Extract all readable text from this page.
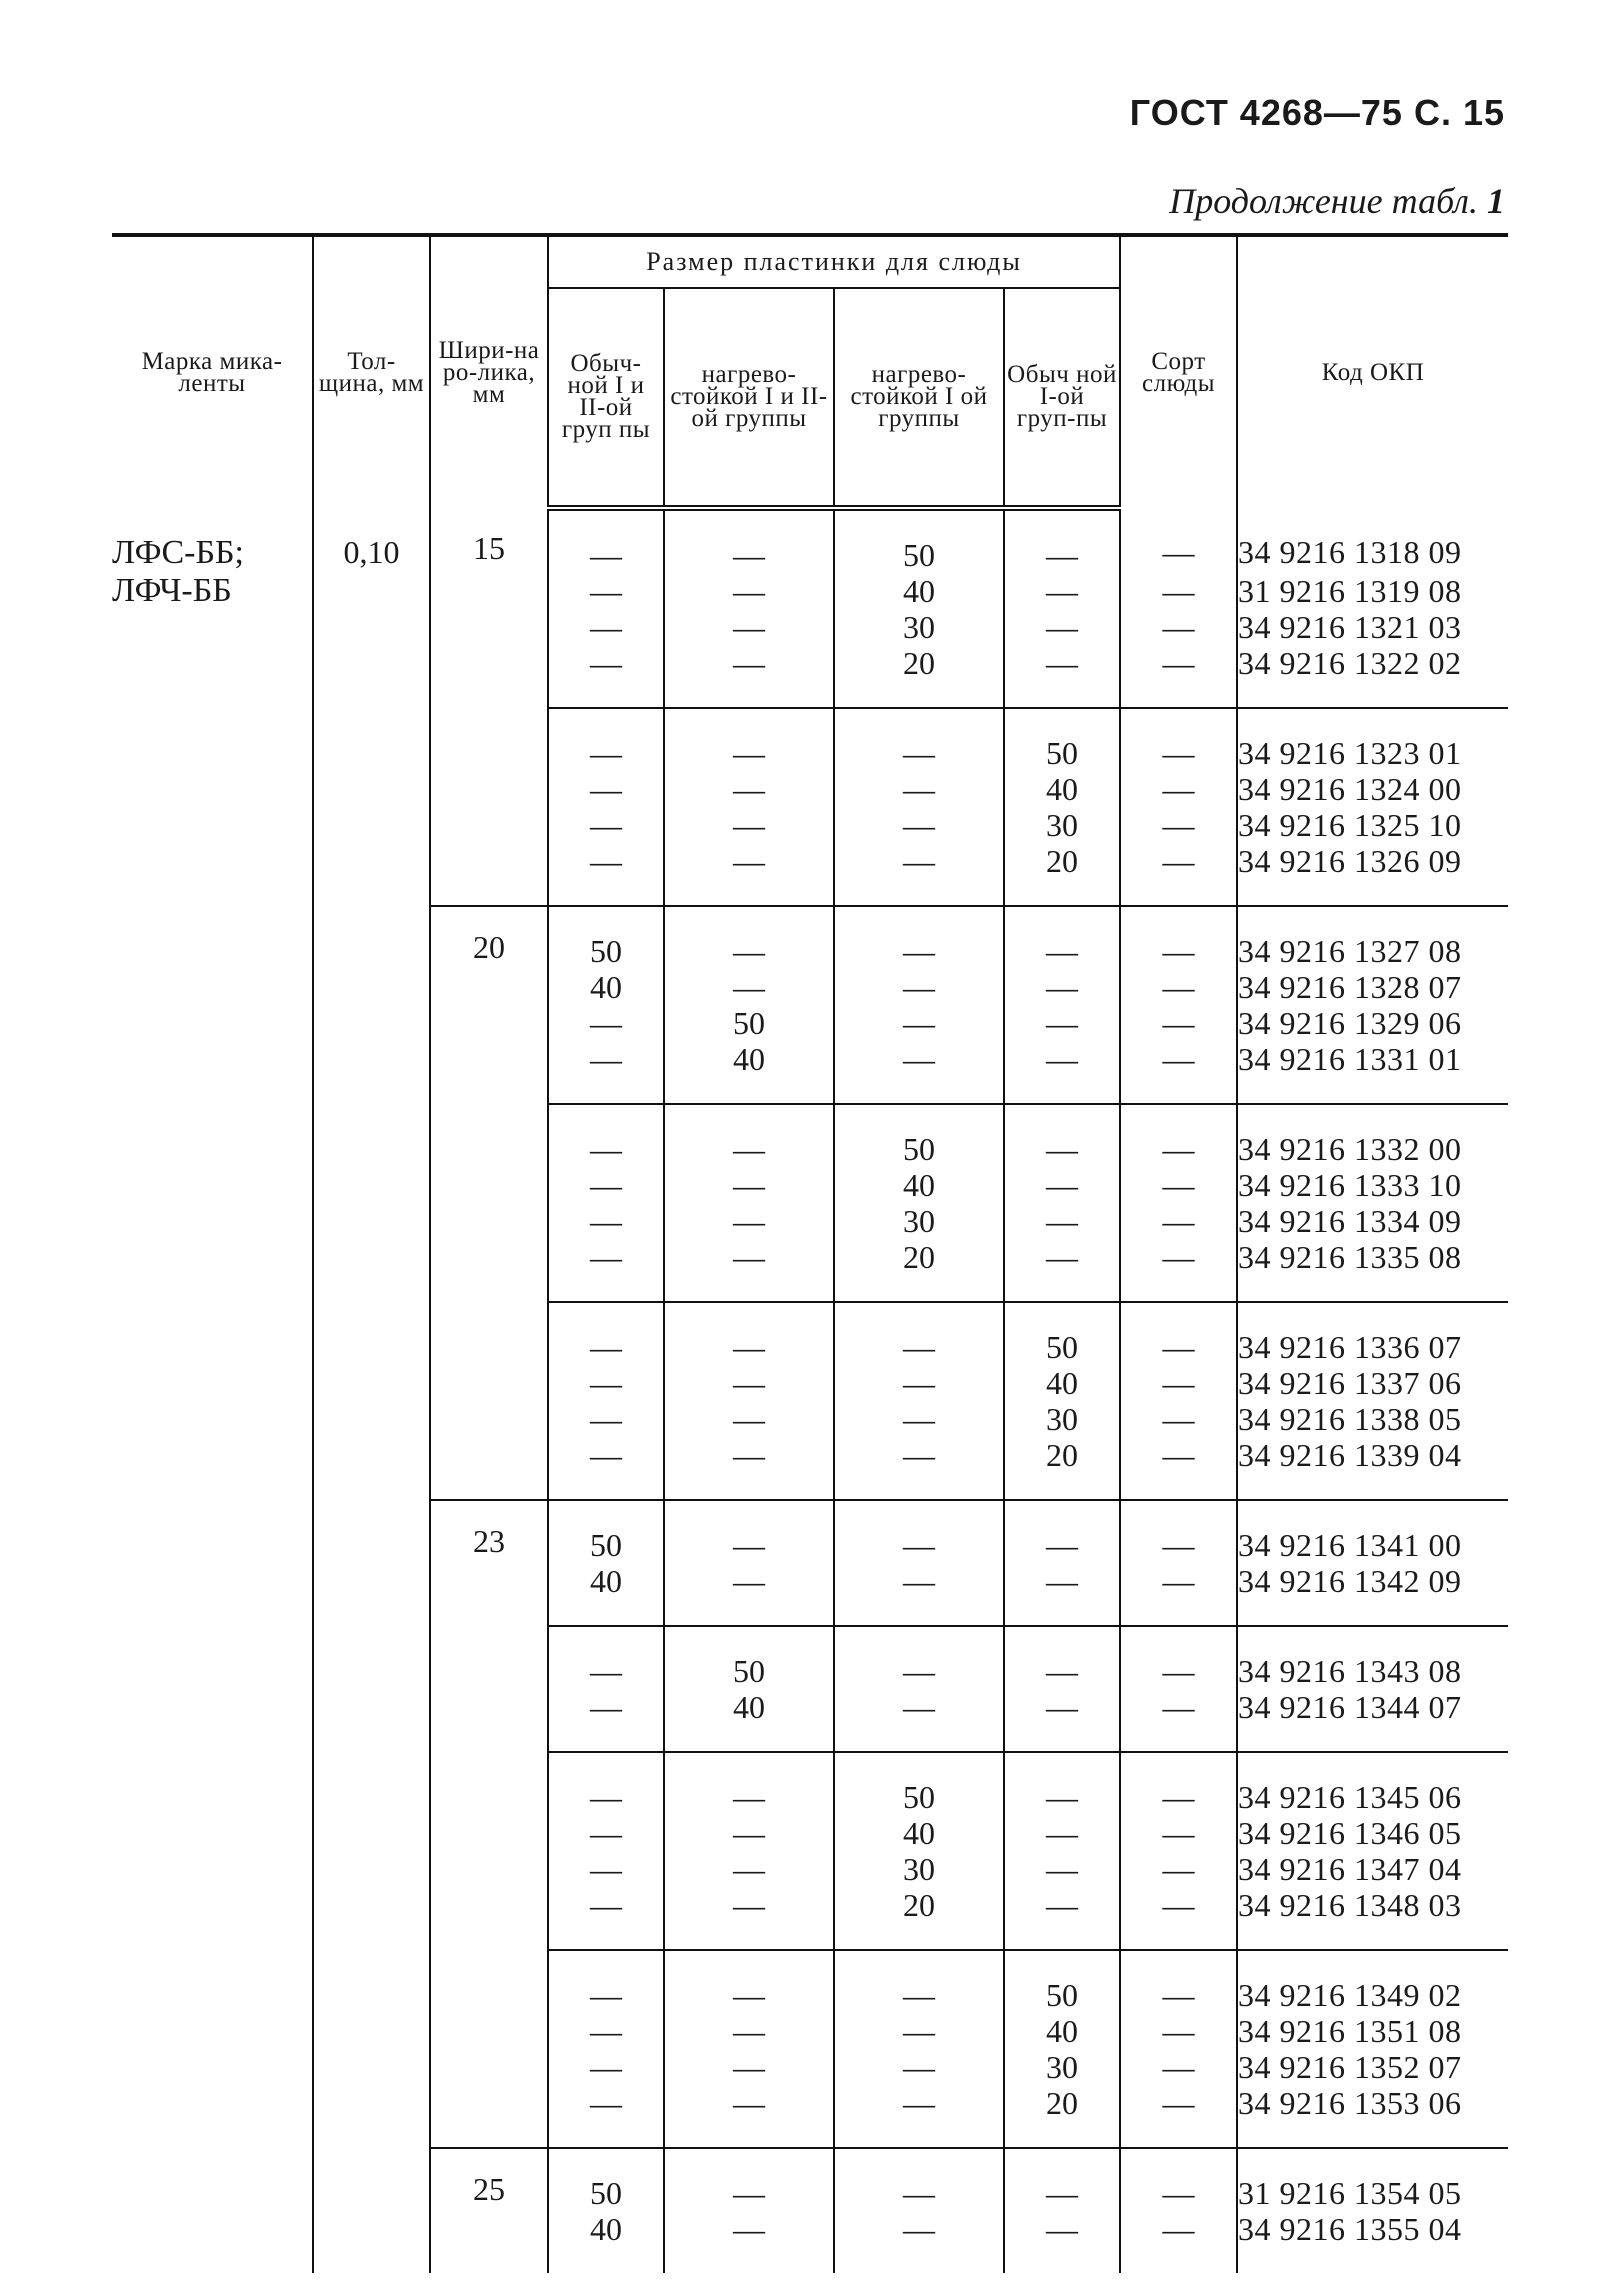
ГОСТ 4268—75 С. 15
Продолжение табл. 1
Марка мика-ленты	Тол-щина, мм	Шири-на ро-лика, мм	Размер пластинки для слюды				Сорт слюды	Код ОКП
			Обыч-ной I и II-ой груп пы	нагрево-стойкой I и II-ой группы	нагрево-стойкой I ой группы	Обыч ной I-ой груп-пы		

ЛФС-ББ;
ЛФЧ-ББ	0,10	15	—	—	50	—	—	34 9216 1318 09
			—	—	40	—	—	31 9216 1319 08
			—	—	30	—	—	34 9216 1321 03
			—	—	20	—	—	34 9216 1322 02
			—	—	—	50	—	34 9216 1323 01
			—	—	—	40	—	34 9216 1324 00
			—	—	—	30	—	34 9216 1325 10
			—	—	—	20	—	34 9216 1326 09

		20	50	—	—	—	—	34 9216 1327 08
			40	—	—	—	—	34 9216 1328 07
			—	50	—	—	—	34 9216 1329 06
			—	40	—	—	—	34 9216 1331 01
			—	—	50	—	—	34 9216 1332 00
			—	—	40	—	—	34 9216 1333 10
			—	—	30	—	—	34 9216 1334 09
			—	—	20	—	—	34 9216 1335 08
			—	—	—	50	—	34 9216 1336 07
			—	—	—	40	—	34 9216 1337 06
			—	—	—	30	—	34 9216 1338 05
			—	—	—	20	—	34 9216 1339 04

		23	50	—	—	—	—	34 9216 1341 00
			40	—	—	—	—	34 9216 1342 09
			—	50	—	—	—	34 9216 1343 08
			—	40	—	—	—	34 9216 1344 07
			—	—	50	—	—	34 9216 1345 06
			—	—	40	—	—	34 9216 1346 05
			—	—	30	—	—	34 9216 1347 04
			—	—	20	—	—	34 9216 1348 03
			—	—	—	50	—	34 9216 1349 02
			—	—	—	40	—	34 9216 1351 08
			—	—	—	30	—	34 9216 1352 07
			—	—	—	20	—	34 9216 1353 06

		25	50	—	—	—	—	31 9216 1354 05
			40	—	—	—	—	34 9216 1355 04
